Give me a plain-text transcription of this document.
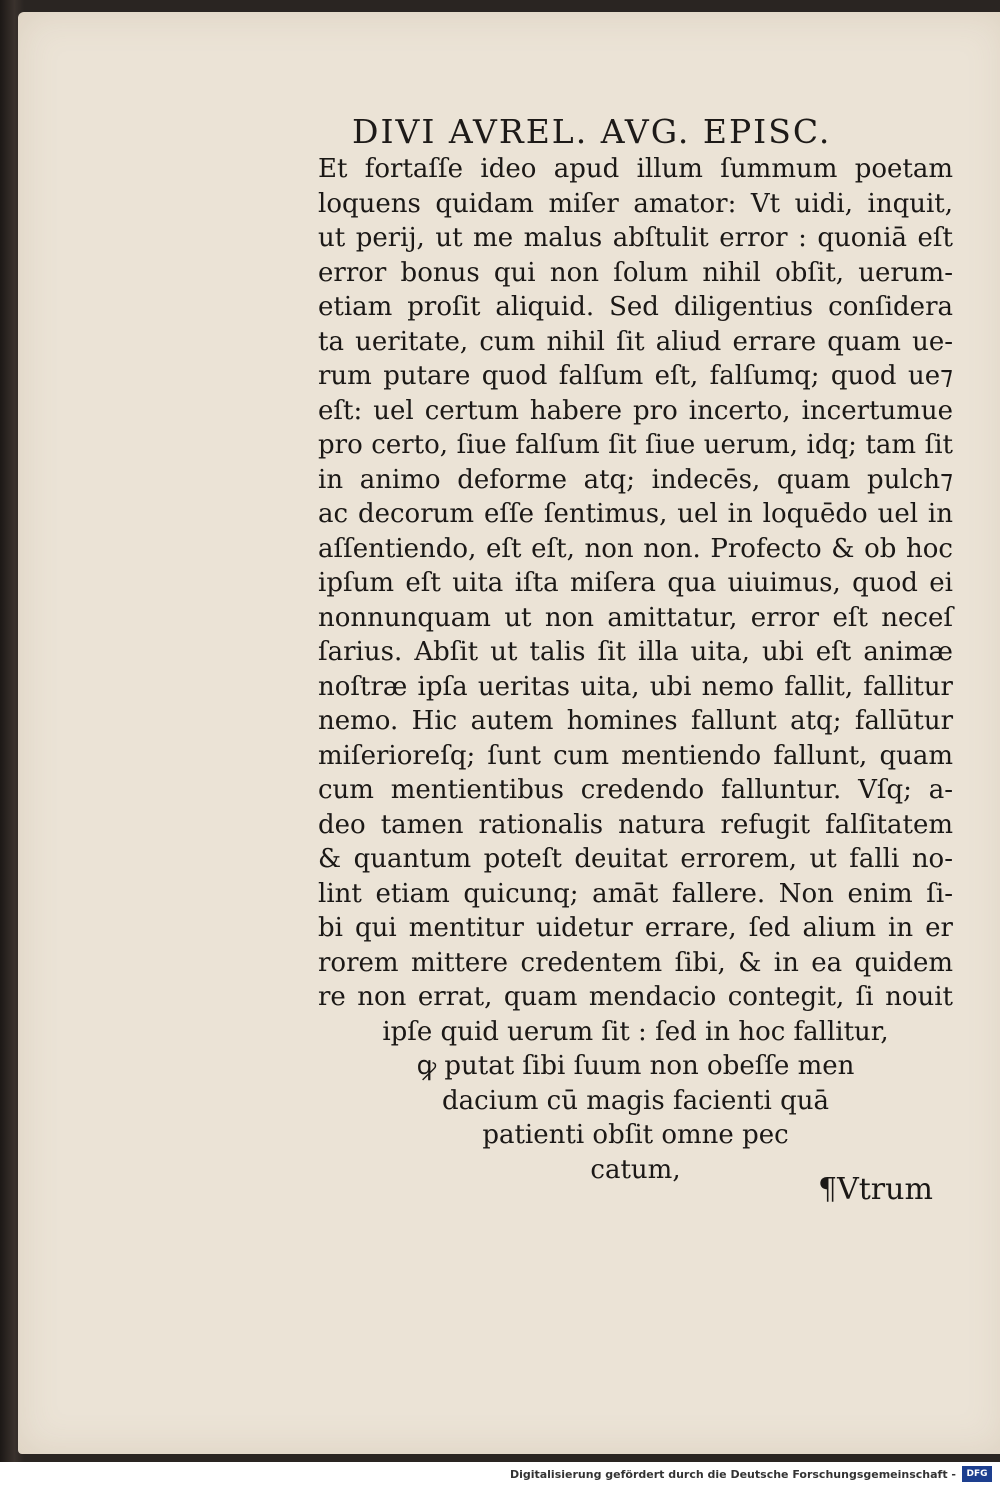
DIVI AVREL. AVG. EPISC.
Et fortaſſe ideo apud illum ſummum poetam
loquens quidam miſer amator: Vt uidi, inquit,
ut perij, ut me malus abſtulit error : quoniā eſt
error bonus qui non ſolum nihil obſit, uerum-
etiam proſit aliquid. Sed diligentius conſidera
ta ueritate, cum nihil ſit aliud errare quam ue-
rum putare quod falſum eſt, falſumq; quod ue⁊
eſt: uel certum habere pro incerto, incertumue
pro certo, ſiue falſum ſit ſiue uerum, idq; tam ſit
in animo deforme atq; indecēs, quam pulch⁊
ac decorum eſſe ſentimus, uel in loquēdo uel in
aſſentiendo, eſt eſt, non non. Profecto & ob hoc
ipſum eſt uita iſta miſera qua uiuimus, quod ei
nonnunquam ut non amittatur, error eſt neceſ
ſarius. Abſit ut talis ſit illa uita, ubi eſt animæ
noſtræ ipſa ueritas uita, ubi nemo fallit, fallitur
nemo. Hic autem homines fallunt atq; fallūtur
miſerioreſq; ſunt cum mentiendo fallunt, quam
cum mentientibus credendo falluntur. Vſq; a-
deo tamen rationalis natura refugit falſitatem
& quantum poteſt deuitat errorem, ut falli no-
lint etiam quicunq; amāt fallere. Non enim ſi-
bi qui mentitur uidetur errare, ſed alium in er
rorem mittere credentem ſibi, & in ea quidem
re non errat, quam mendacio contegit, ſi nouit
ipſe quid uerum ſit : ſed in hoc fallitur,
ꝙ putat ſibi ſuum non obeſſe men
dacium cū magis facienti quā
patienti obſit omne pec
catum,
¶Vtrum
Digitalisierung gefördert durch die Deutsche Forschungsgemeinschaft -	DFG
